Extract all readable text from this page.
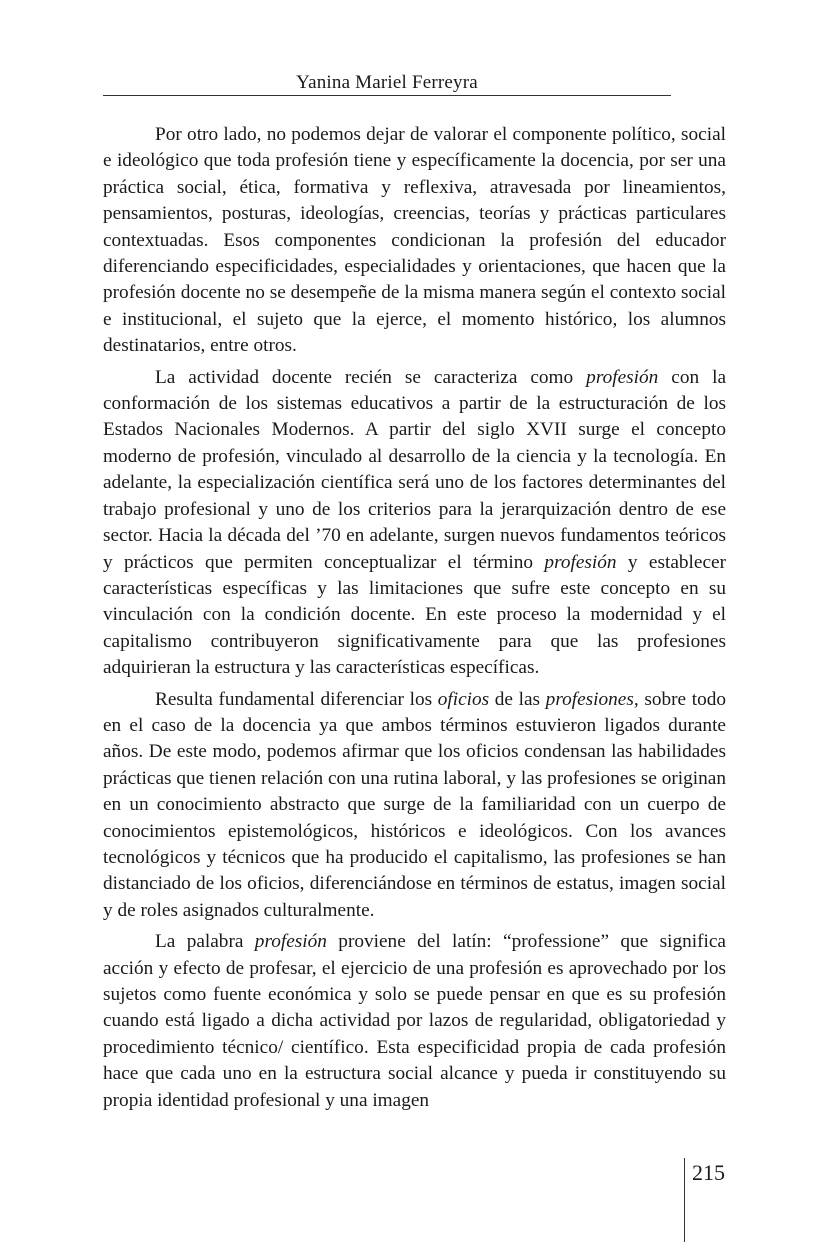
Yanina Mariel Ferreyra

Por otro lado, no podemos dejar de valorar el componente político, social e ideológico que toda profesión tiene y específicamente la docencia, por ser una práctica social, ética, formativa y reflexiva, atravesada por lineamientos, pensamientos, posturas, ideologías, creencias, teorías y prácticas particulares contextuadas. Esos componentes condicionan la profesión del educador diferenciando especificidades, especialidades y orientaciones, que hacen que la profesión docente no se desempeñe de la misma manera según el contexto social e institucional, el sujeto que la ejerce, el momento histórico, los alumnos destinatarios, entre otros.

La actividad docente recién se caracteriza como profesión con la conformación de los sistemas educativos a partir de la estructuración de los Estados Nacionales Modernos. A partir del siglo XVII surge el concepto moderno de profesión, vinculado al desarrollo de la ciencia y la tecnología. En adelante, la especialización científica será uno de los factores determinantes del trabajo profesional y uno de los criterios para la jerarquización dentro de ese sector. Hacia la década del ’70 en adelante, surgen nuevos fundamentos teóricos y prácticos que permiten conceptualizar el término profesión y establecer características específicas y las limitaciones que sufre este concepto en su vinculación con la condición docente. En este proceso la modernidad y el capitalismo contribuyeron significativamente para que las profesiones adquirieran la estructura y las características específicas.

Resulta fundamental diferenciar los oficios de las profesiones, sobre todo en el caso de la docencia ya que ambos términos estuvieron ligados durante años. De este modo, podemos afirmar que los oficios condensan las habilidades prácticas que tienen relación con una rutina laboral, y las profesiones se originan en un conocimiento abstracto que surge de la familiaridad con un cuerpo de conocimientos epistemológicos, históricos e ideológicos. Con los avances tecnológicos y técnicos que ha producido el capitalismo, las profesiones se han distanciado de los oficios, diferenciándose en términos de estatus, imagen social y de roles asignados culturalmente.

La palabra profesión proviene del latín: “professione” que significa acción y efecto de profesar, el ejercicio de una profesión es aprovechado por los sujetos como fuente económica y solo se puede pensar en que es su profesión cuando está ligado a dicha actividad por lazos de regularidad, obligatoriedad y procedimiento técnico/ científico. Esta especificidad propia de cada profesión hace que cada uno en la estructura social alcance y pueda ir constituyendo su propia identidad profesional y una imagen

215
